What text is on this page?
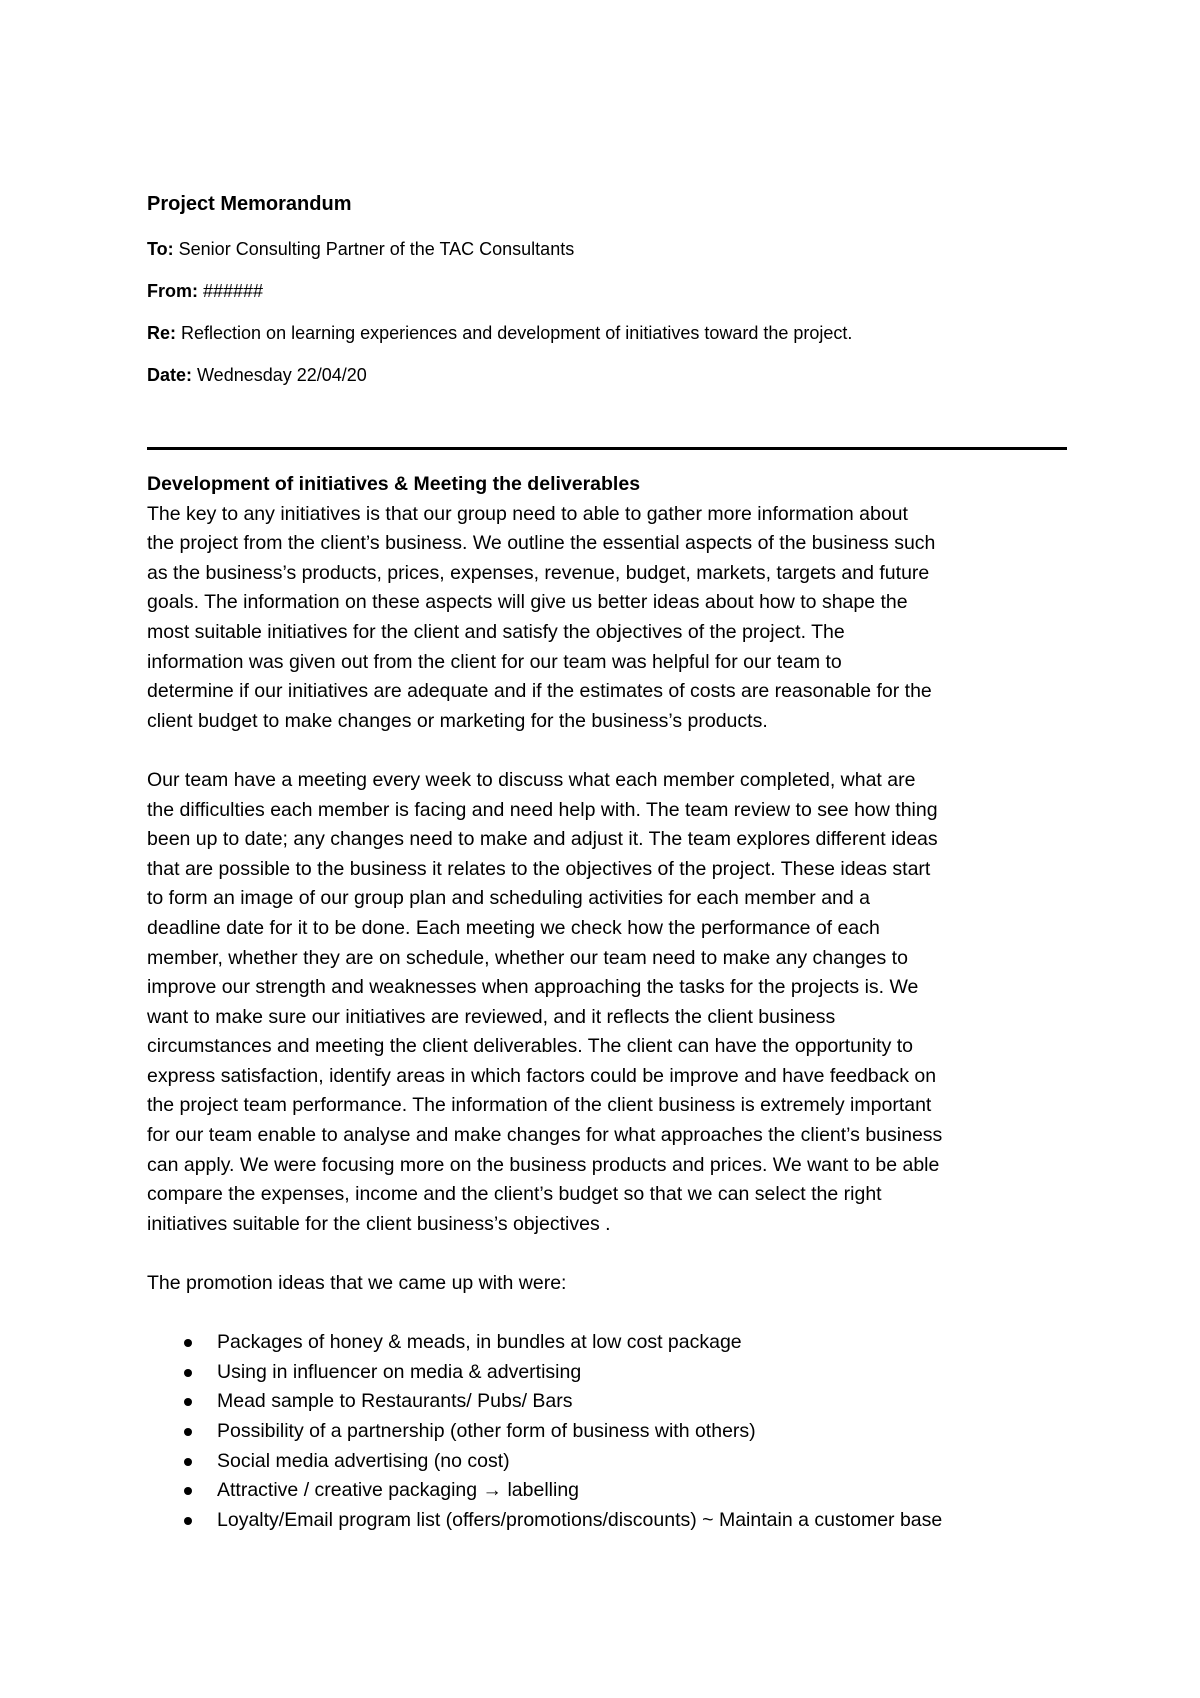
Project Memorandum

To: Senior Consulting Partner of the TAC Consultants

From: ######

Re: Reflection on learning experiences and development of initiatives toward the project.

Date: Wednesday 22/04/20

Development of initiatives & Meeting the deliverables

The key to any initiatives is that our group need to able to gather more information about

the project from the client’s business. We outline the essential aspects of the business such

as the business’s products, prices, expenses, revenue, budget, markets, targets and future

goals. The information on these aspects will give us better ideas about how to shape the

most suitable initiatives for the client and satisfy the objectives of the project. The

information was given out from the client for our team was helpful for our team to

determine if our initiatives are adequate and if the estimates of costs are reasonable for the

client budget to make changes or marketing for the business’s products.

Our team have a meeting every week to discuss what each member completed, what are

the difficulties each member is facing and need help with. The team review to see how thing

been up to date; any changes need to make and adjust it. The team explores different ideas

that are possible to the business it relates to the objectives of the project. These ideas start

to form an image of our group plan and scheduling activities for each member and a

deadline date for it to be done. Each meeting we check how the performance of each

member, whether they are on schedule, whether our team need to make any changes to

improve our strength and weaknesses when approaching the tasks for the projects is. We

want to make sure our initiatives are reviewed, and it reflects the client business

circumstances and meeting the client deliverables. The client can have the opportunity to

express satisfaction, identify areas in which factors could be improve and have feedback on

the project team performance. The information of the client business is extremely important

for our team enable to analyse and make changes for what approaches the client’s business

can apply. We were focusing more on the business products and prices. We want to be able

compare the expenses, income and the client’s budget so that we can select the right

initiatives suitable for the client business’s objectives .

The promotion ideas that we came up with were:

Packages of honey & meads, in bundles at low cost package
Using in influencer on media & advertising
Mead sample to Restaurants/ Pubs/ Bars
Possibility of a partnership (other form of business with others)
Social media advertising (no cost)
Attractive / creative packaging → labelling
Loyalty/Email program list (offers/promotions/discounts) ~ Maintain a customer base
